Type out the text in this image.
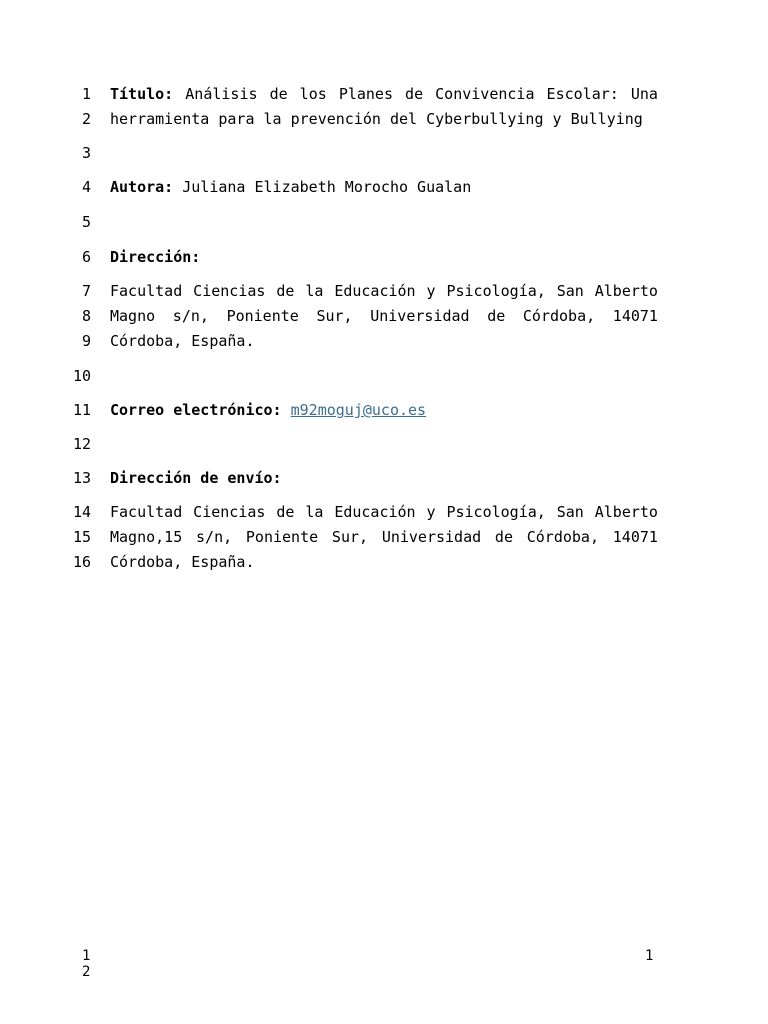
1
2
3
4
5
6
7
8
9
10
11
12
13
14
15
16
Título: Análisis de los Planes de Convivencia Escolar: Una
herramienta para la prevención del Cyberbullying y Bullying
Autora: Juliana Elizabeth Morocho Gualan
Dirección:
Facultad Ciencias de la Educación y Psicología, San Alberto
Magno s/n, Poniente Sur, Universidad de Córdoba, 14071
Córdoba, España.
Correo electrónico: m92moguj@uco.es
Dirección de envío:
Facultad Ciencias de la Educación y Psicología, San Alberto
Magno,15 s/n, Poniente Sur, Universidad de Córdoba, 14071
Córdoba, España.
1
2
1
